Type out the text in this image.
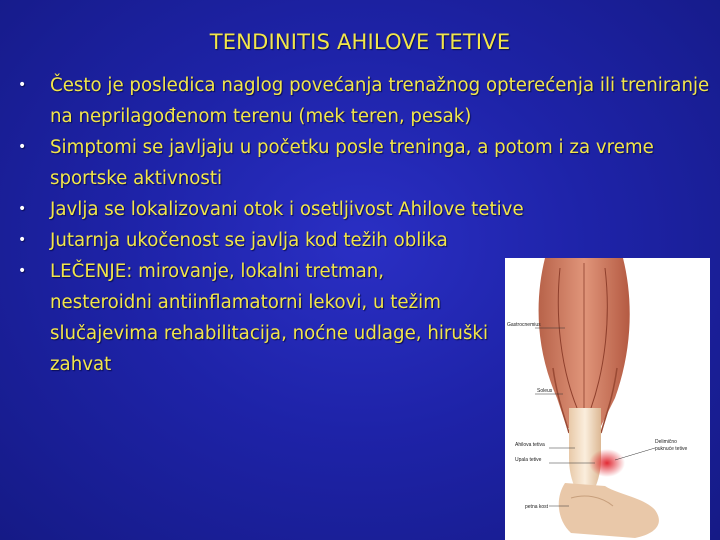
TENDINITIS AHILOVE TETIVE
• Često je posledica naglog povećanja trenažnog opterećenja ili treniranje na neprilagođenom terenu (mek teren, pesak)
• Simptomi se javljaju u početku posle treninga, a potom i za vreme sportske aktivnosti
• Javlja se lokalizovani otok i osetljivost Ahilove tetive
• Jutarnja ukočenost se javlja kod težih oblika
• LEČENJE: mirovanje, lokalni tretman, nesteroidni antiinflamatorni lekovi, u težim slučajevima rehabilitacija, noćne udlage, hiruški zahvat
Gastrocnemius
Soleus
Ahilova tetiva
Upala tetive
petna kost
Delimično
puknuće tetive
